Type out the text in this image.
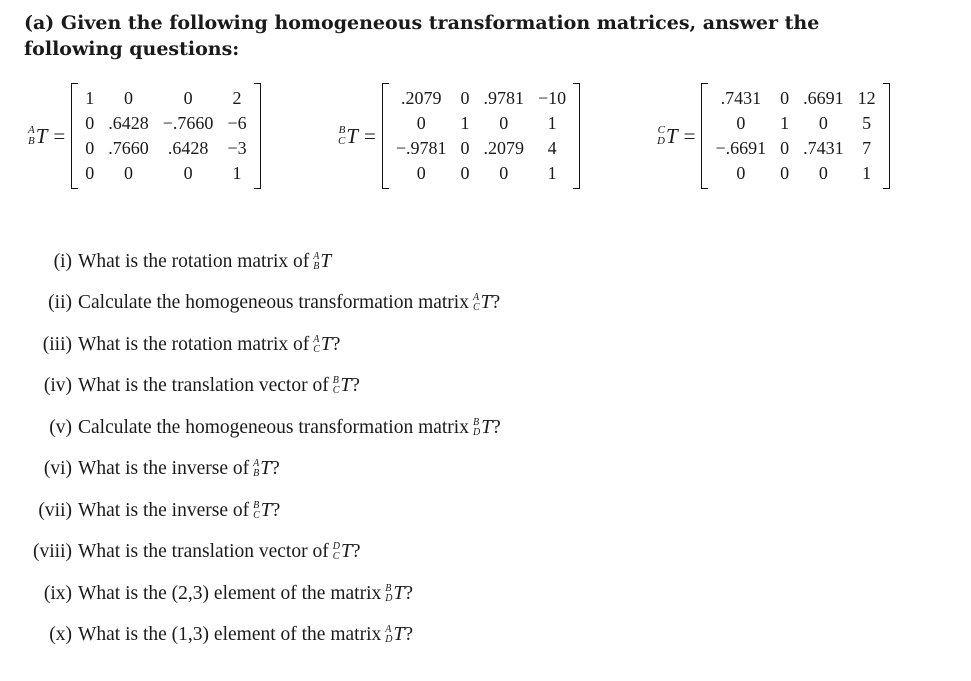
(a) Given the following homogeneous transformation matrices, answer the following questions:
A
B T =
1	0	0	2
0	.6428	−.7660	−6
0	.7660	.6428	−3
0	0	0	1
B
C T =
.2079	0	.9781	−10
0	1	0	1
−.9781	0	.2079	4
0	0	0	1
C
D T =
.7431	0	.6691	12
0	1	0	5
−.6691	0	.7431	7
0	0	0	1
(i) What is the rotation matrix of A
B T
(ii) Calculate the homogeneous transformation matrix A
C T ?
(iii) What is the rotation matrix of A
C T ?
(iv) What is the translation vector of B
C T ?
(v) Calculate the homogeneous transformation matrix B
D T ?
(vi) What is the inverse of A
B T ?
(vii) What is the inverse of B
C T ?
(viii) What is the translation vector of D
C T ?
(ix) What is the (2,3) element of the matrix B
D T ?
(x) What is the (1,3) element of the matrix A
D T ?
